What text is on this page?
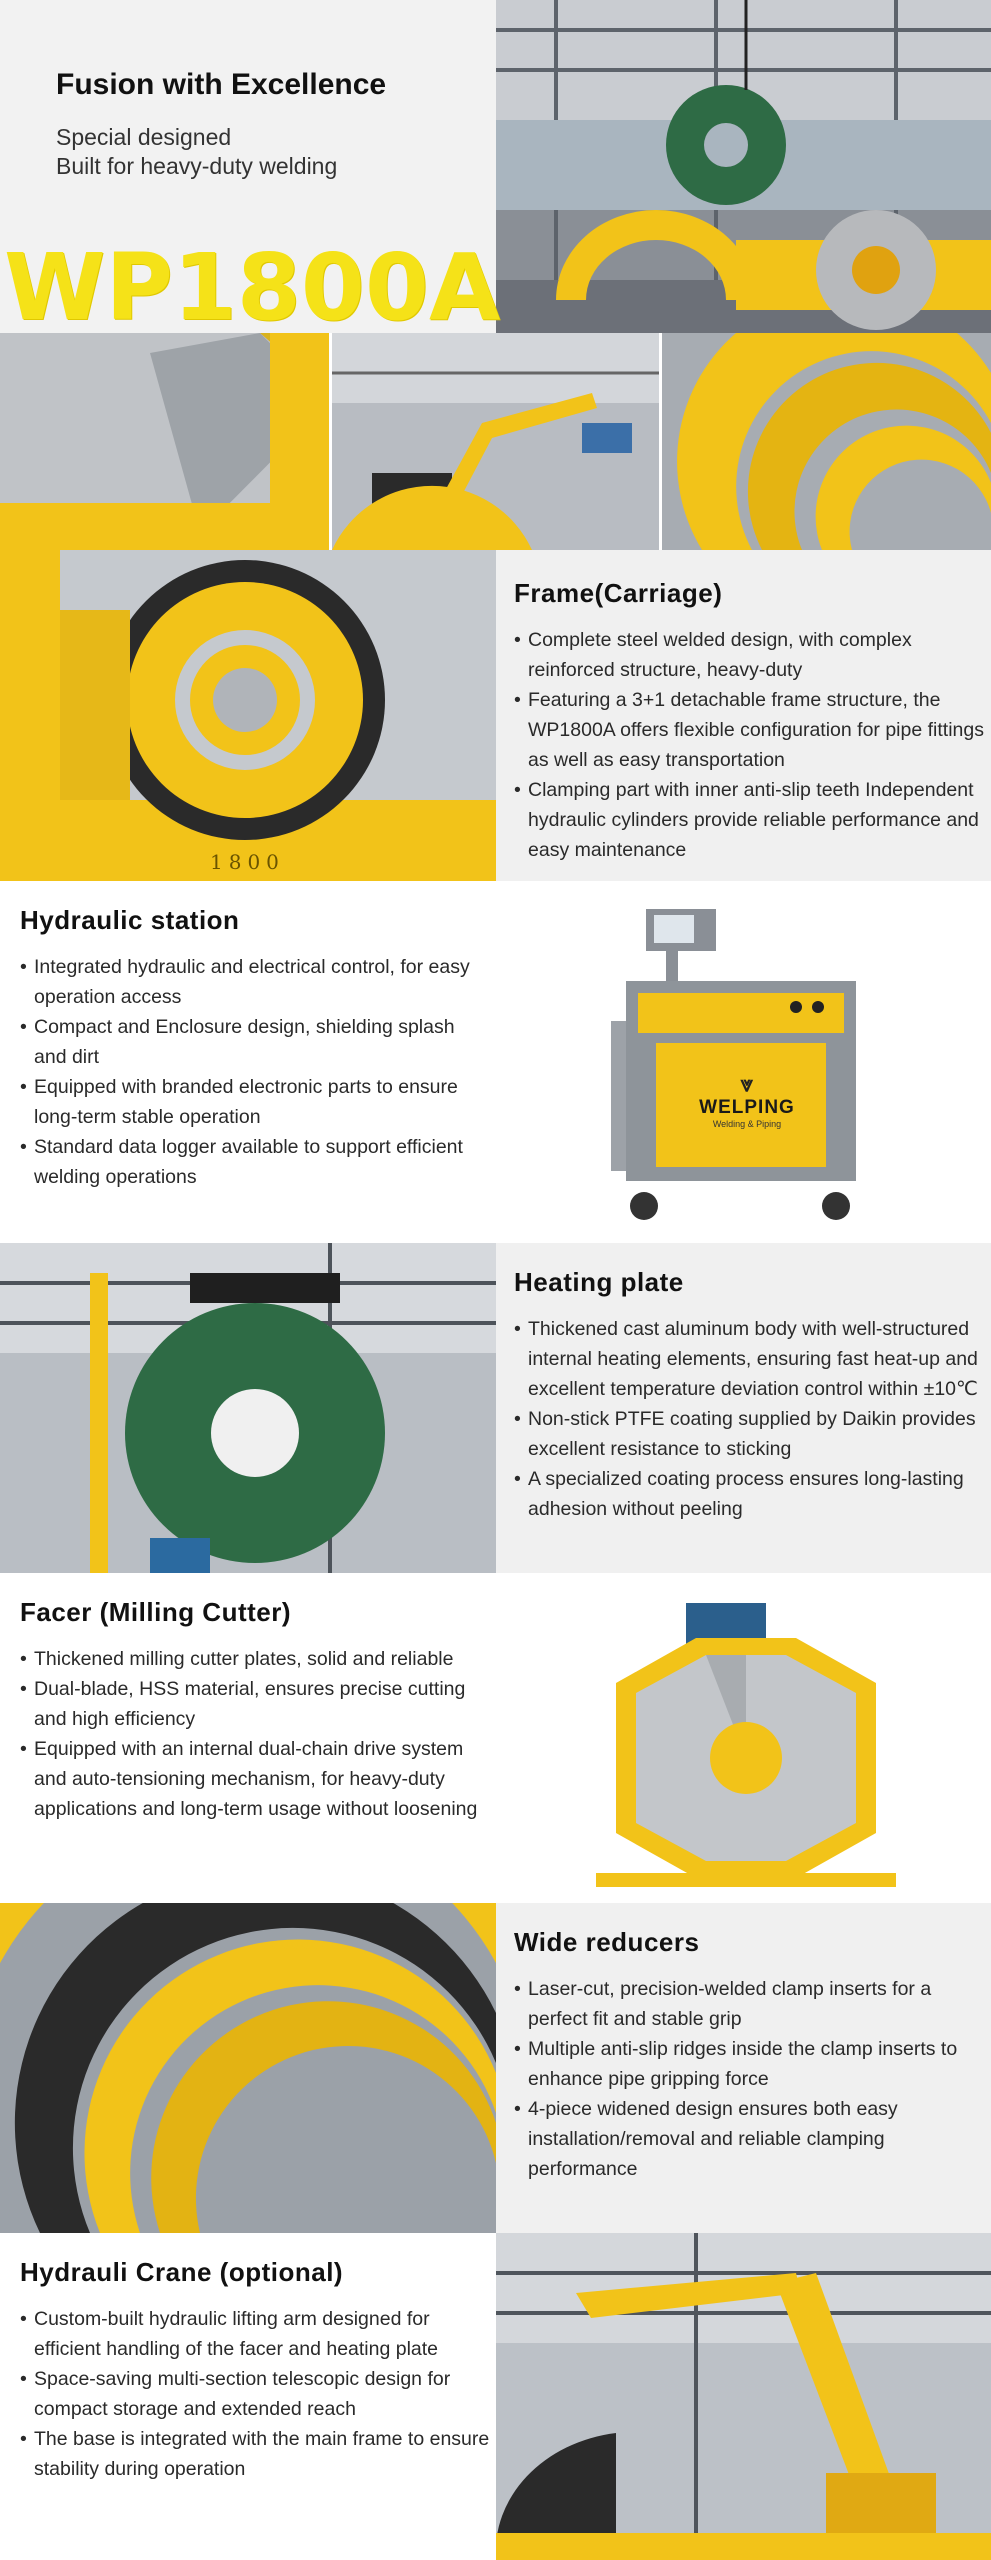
Fusion with Excellence
Special designed
Built for heavy-duty welding
WP1800A
1800
Frame(Carriage)
• Complete steel welded design, with complex reinforced structure, heavy-duty
• Featuring a 3+1 detachable frame structure, the WP1800A offers flexible configuration for pipe fittings as well as easy transportation
• Clamping part with inner anti-slip teeth Independent hydraulic cylinders provide reliable performance and easy maintenance
Hydraulic station
• Integrated hydraulic and electrical control, for easy operation access
• Compact and Enclosure design, shielding splash and dirt
• Equipped with branded electronic parts to ensure long-term stable operation
• Standard data logger available to support efficient welding operations
⩔
WELPING
Welding & Piping
Heating plate
• Thickened cast aluminum body with well-structured internal heating elements, ensuring fast heat-up and excellent temperature deviation control within ±10℃
• Non-stick PTFE coating supplied by Daikin provides excellent resistance to sticking
• A specialized coating process ensures long-lasting adhesion without peeling
Facer (Milling Cutter)
• Thickened milling cutter plates, solid and reliable
• Dual-blade, HSS material, ensures precise cutting and high efficiency
• Equipped with an internal dual-chain drive system and auto-tensioning mechanism, for heavy-duty applications and long-term usage without loosening
Wide reducers
• Laser-cut, precision-welded clamp inserts for a perfect fit and stable grip
• Multiple anti-slip ridges inside the clamp inserts to enhance pipe gripping force
• 4-piece widened design ensures both easy installation/removal and reliable clamping performance
Hydrauli Crane (optional)
• Custom-built hydraulic lifting arm designed for efficient handling of the facer and heating plate
• Space-saving multi-section telescopic design for compact storage and extended reach
• The base is integrated with the main frame to ensure stability during operation
